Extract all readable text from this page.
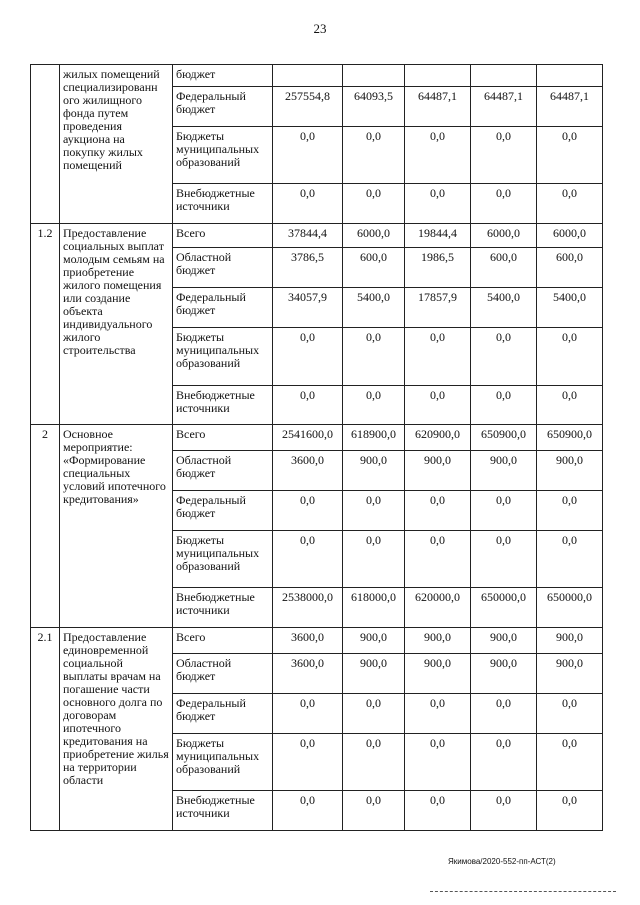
23
	жилых помещений специализированн ого жилищного фонда путем проведения аукциона на покупку жилых помещений	бюджет					
		Федеральный бюджет	257554,8	64093,5	64487,1	64487,1	64487,1
		Бюджеты муниципальных образований	0,0	0,0	0,0	0,0	0,0
		Внебюджетные источники	0,0	0,0	0,0	0,0	0,0
1.2	Предоставление социальных выплат молодым семьям на приобретение жилого помещения или создание объекта индивидуального жилого строительства	Всего	37844,4	6000,0	19844,4	6000,0	6000,0
		Областной бюджет	3786,5	600,0	1986,5	600,0	600,0
		Федеральный бюджет	34057,9	5400,0	17857,9	5400,0	5400,0
		Бюджеты муниципальных образований	0,0	0,0	0,0	0,0	0,0
		Внебюджетные источники	0,0	0,0	0,0	0,0	0,0
2	Основное мероприятие: «Формирование специальных условий ипотечного кредитования»	Всего	2541600,0	618900,0	620900,0	650900,0	650900,0
		Областной бюджет	3600,0	900,0	900,0	900,0	900,0
		Федеральный бюджет	0,0	0,0	0,0	0,0	0,0
		Бюджеты муниципальных образований	0,0	0,0	0,0	0,0	0,0
		Внебюджетные источники	2538000,0	618000,0	620000,0	650000,0	650000,0
2.1	Предоставление единовременной социальной выплаты врачам на погашение части основного долга по договорам ипотечного кредитования на приобретение жилья на территории области	Всего	3600,0	900,0	900,0	900,0	900,0
		Областной бюджет	3600,0	900,0	900,0	900,0	900,0
		Федеральный бюджет	0,0	0,0	0,0	0,0	0,0
		Бюджеты муниципальных образований	0,0	0,0	0,0	0,0	0,0
		Внебюджетные источники	0,0	0,0	0,0	0,0	0,0
Якимова/2020-552-пп-АСТ(2)
